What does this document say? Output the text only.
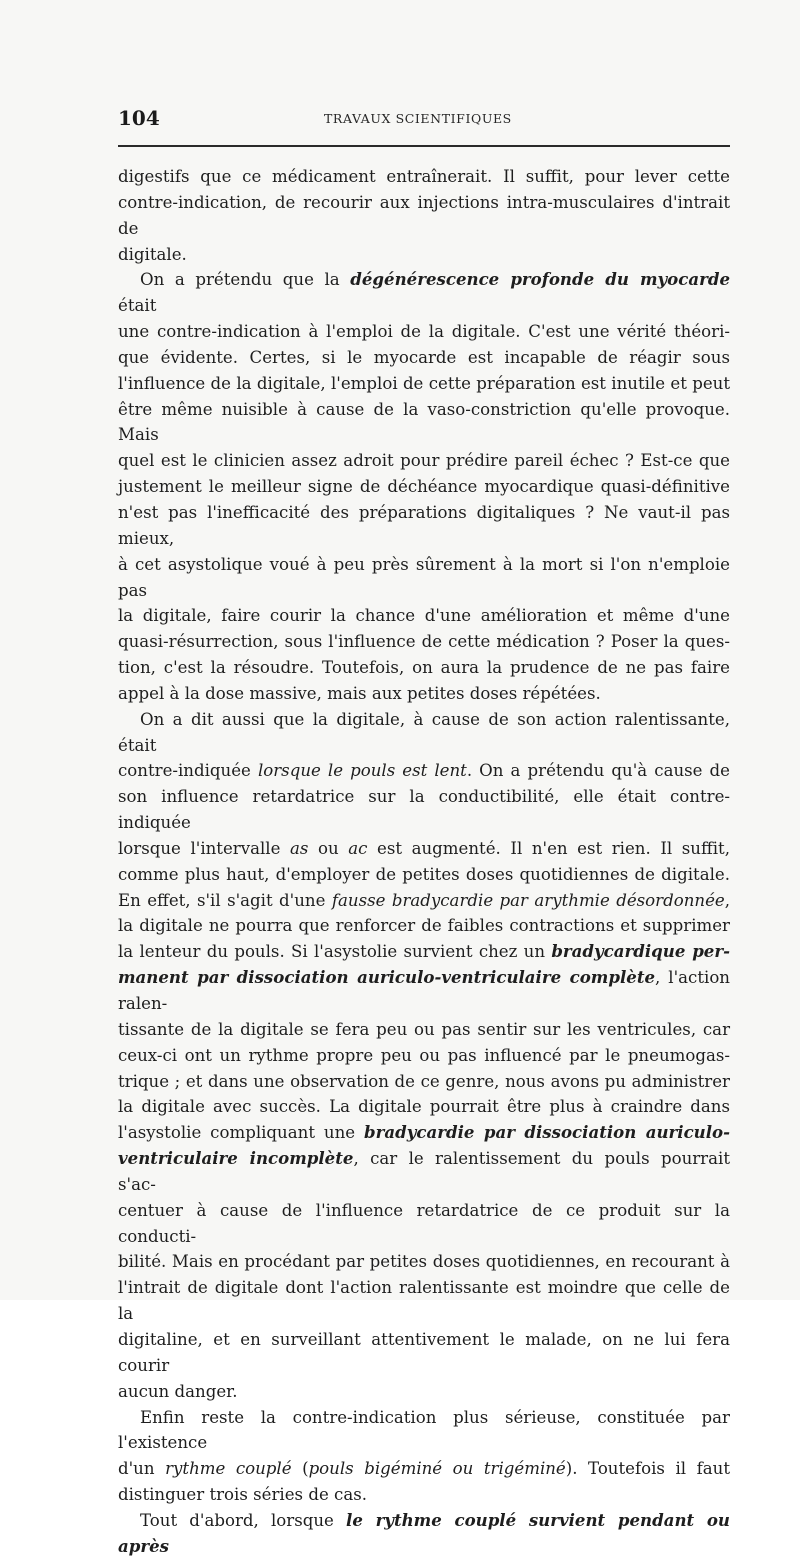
104	TRAVAUX SCIENTIFIQUES

digestifs que ce médicament entraînerait. Il suffit, pour lever cette
contre-indication, de recourir aux injections intra-musculaires d'intrait de
digitale.

On a prétendu que la dégénérescence profonde du myocarde était
une contre-indication à l'emploi de la digitale. C'est une vérité théori-
que évidente. Certes, si le myocarde est incapable de réagir sous
l'influence de la digitale, l'emploi de cette préparation est inutile et peut
être même nuisible à cause de la vaso-constriction qu'elle provoque. Mais
quel est le clinicien assez adroit pour prédire pareil échec ? Est-ce que
justement le meilleur signe de déchéance myocardique quasi-définitive
n'est pas l'inefficacité des préparations digitaliques ? Ne vaut-il pas mieux,
à cet asystolique voué à peu près sûrement à la mort si l'on n'emploie pas
la digitale, faire courir la chance d'une amélioration et même d'une
quasi-résurrection, sous l'influence de cette médication ? Poser la ques-
tion, c'est la résoudre. Toutefois, on aura la prudence de ne pas faire
appel à la dose massive, mais aux petites doses répétées.

On a dit aussi que la digitale, à cause de son action ralentissante, était
contre-indiquée lorsque le pouls est lent. On a prétendu qu'à cause de
son influence retardatrice sur la conductibilité, elle était contre-indiquée
lorsque l'intervalle as ou ac est augmenté. Il n'en est rien. Il suffit,
comme plus haut, d'employer de petites doses quotidiennes de digitale.
En effet, s'il s'agit d'une fausse bradycardie par arythmie désordonnée,
la digitale ne pourra que renforcer de faibles contractions et supprimer
la lenteur du pouls. Si l'asystolie survient chez un bradycardique per-
manent par dissociation auriculo-ventriculaire complète, l'action ralen-
tissante de la digitale se fera peu ou pas sentir sur les ventricules, car
ceux-ci ont un rythme propre peu ou pas influencé par le pneumogas-
trique ; et dans une observation de ce genre, nous avons pu administrer
la digitale avec succès. La digitale pourrait être plus à craindre dans
l'asystolie compliquant une bradycardie par dissociation auriculo-
ventriculaire incomplète, car le ralentissement du pouls pourrait s'ac-
centuer à cause de l'influence retardatrice de ce produit sur la conducti-
bilité. Mais en procédant par petites doses quotidiennes, en recourant à
l'intrait de digitale dont l'action ralentissante est moindre que celle de la
digitaline, et en surveillant attentivement le malade, on ne lui fera courir
aucun danger.

Enfin reste la contre-indication plus sérieuse, constituée par l'existence
d'un rythme couplé (pouls bigéminé ou trigéminé). Toutefois il faut
distinguer trois séries de cas.

Tout d'abord, lorsque le rythme couplé survient pendant ou après
